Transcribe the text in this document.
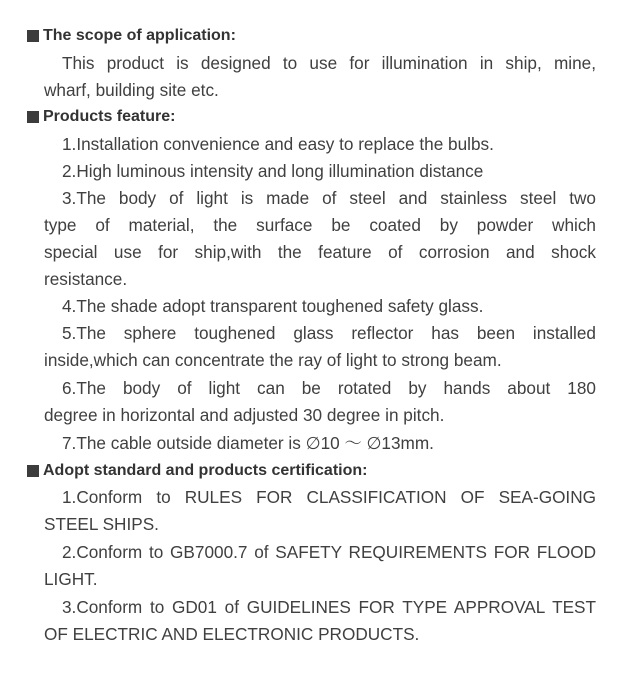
The scope of application:
This product is designed to use for illumination in ship, mine,
wharf, building site etc.
Products feature:
1.Installation convenience and easy to replace the bulbs.
2.High luminous intensity and long illumination distance
3.The body of light is made of steel and stainless steel two
type of material, the surface be coated by powder which
special use for ship,with the feature of corrosion and shock
resistance.
4.The shade adopt transparent toughened safety glass.
5.The sphere toughened glass reflector has been installed
inside,which can concentrate the ray of light to strong beam.
6.The body of light can be rotated by hands about 180
degree in horizontal and adjusted 30 degree in pitch.
7.The cable outside diameter is ∅10 ～ ∅13mm.
Adopt standard and products certification:
1.Conform to RULES FOR CLASSIFICATION OF SEA-GOING
STEEL SHIPS.
2.Conform to GB7000.7 of SAFETY REQUIREMENTS FOR FLOOD
LIGHT.
3.Conform to GD01 of GUIDELINES FOR TYPE APPROVAL TEST
OF ELECTRIC AND ELECTRONIC PRODUCTS.
